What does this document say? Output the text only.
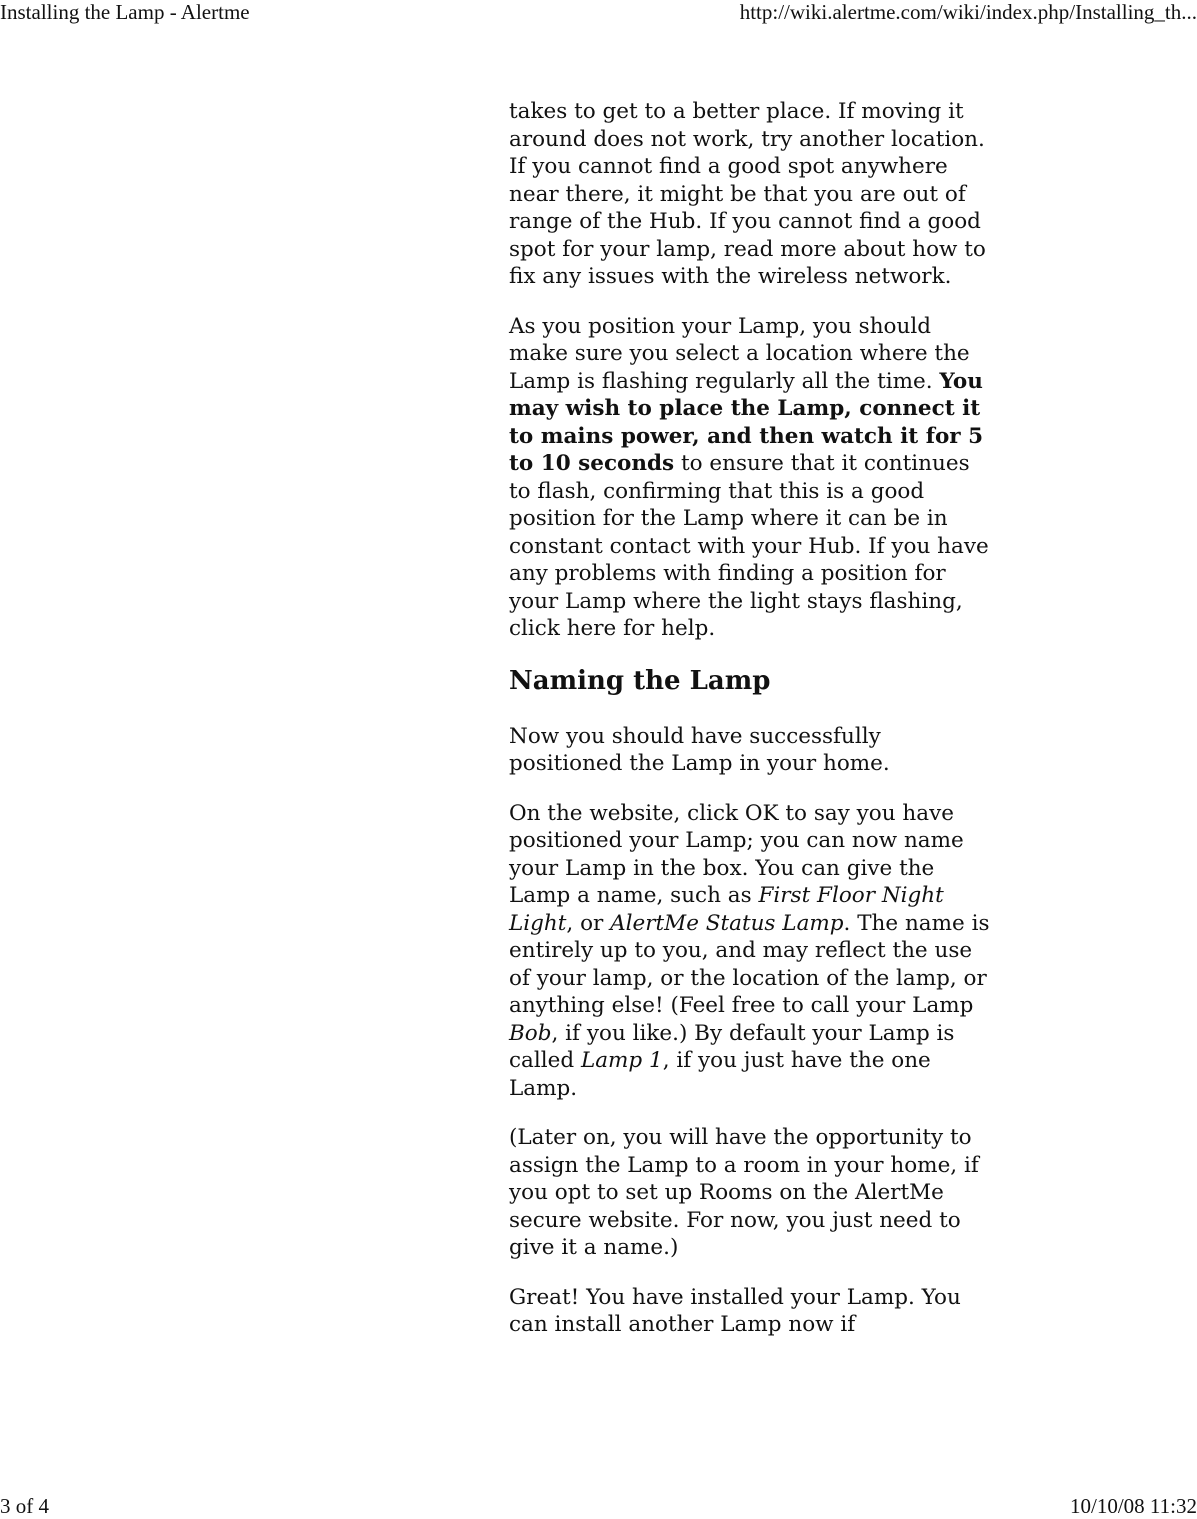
Installing the Lamp - Alertme	http://wiki.alertme.com/wiki/index.php/Installing_th...

takes to get to a better place. If moving it around does not work, try another location. If you cannot find a good spot anywhere near there, it might be that you are out of range of the Hub. If you cannot find a good spot for your lamp, read more about how to fix any issues with the wireless network.

As you position your Lamp, you should make sure you select a location where the Lamp is flashing regularly all the time. You may wish to place the Lamp, connect it to mains power, and then watch it for 5 to 10 seconds to ensure that it continues to flash, confirming that this is a good position for the Lamp where it can be in constant contact with your Hub. If you have any problems with finding a position for your Lamp where the light stays flashing, click here for help.

Naming the Lamp

Now you should have successfully positioned the Lamp in your home.

On the website, click OK to say you have positioned your Lamp; you can now name your Lamp in the box. You can give the Lamp a name, such as First Floor Night Light, or AlertMe Status Lamp. The name is entirely up to you, and may reflect the use of your lamp, or the location of the lamp, or anything else! (Feel free to call your Lamp Bob, if you like.) By default your Lamp is called Lamp 1, if you just have the one Lamp.

(Later on, you will have the opportunity to assign the Lamp to a room in your home, if you opt to set up Rooms on the AlertMe secure website. For now, you just need to give it a name.)

Great! You have installed your Lamp. You can install another Lamp now if

3 of 4	10/10/08 11:32
